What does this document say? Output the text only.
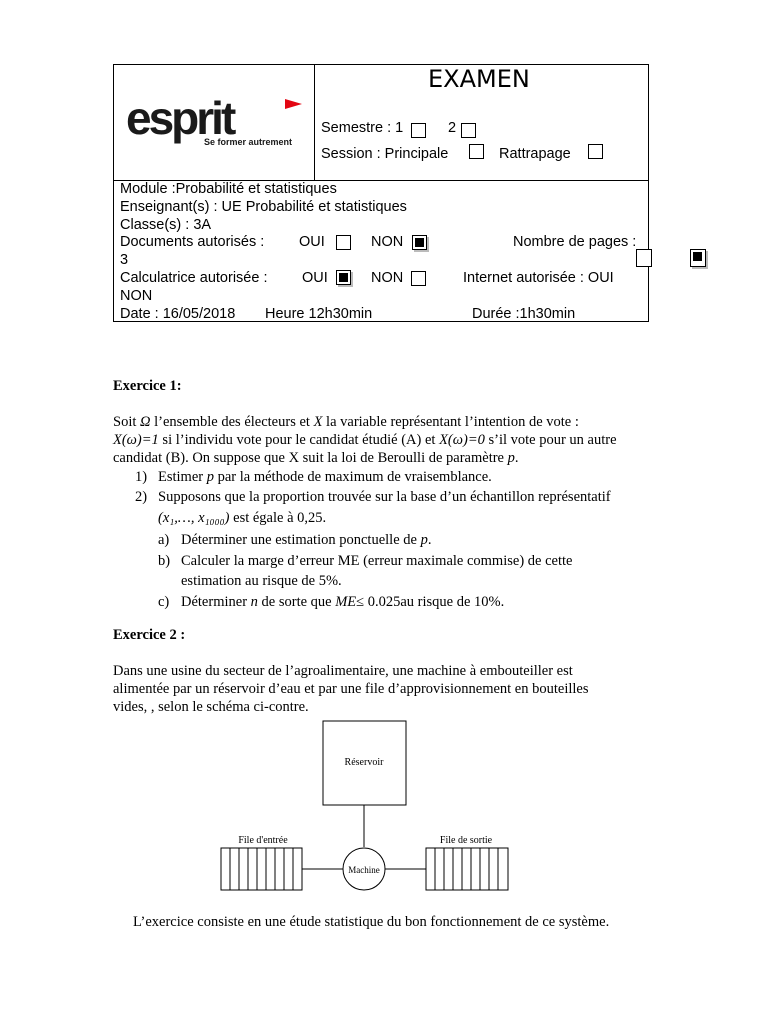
esprit
Se former autrement
EXAMEN
Semestre : 1	2
Session : Principale	Rattrapage
Module :Probabilité et statistiques
Enseignant(s) : UE Probabilité et statistiques
Classe(s) : 3A
Documents autorisés : OUI	NON	Nombre de pages :
3
Calculatrice autorisée : OUI	NON	Internet autorisée : OUI
NON
Date : 16/05/2018 Heure 12h30min	Durée :1h30min
Exercice 1:
Soit Ω l’ensemble des électeurs et X la variable représentant l’intention de vote :
X(ω)=1 si l’individu vote pour le candidat étudié (A) et X(ω)=0 s’il vote pour un autre
candidat (B). On suppose que X suit la loi de Beroulli de paramètre p.
1) Estimer p par la méthode de maximum de vraisemblance.
2) Supposons que la proportion trouvée sur la base d’un échantillon représentatif
(x₁,…, x₁₀₀₀) est égale à 0,25.
a) Déterminer une estimation ponctuelle de p.
b) Calculer la marge d’erreur ME (erreur maximale commise) de cette
estimation au risque de 5%.
c) Déterminer n de sorte que ME≤ 0.025au risque de 10%.
Exercice 2 :
Dans une usine du secteur de l’agroalimentaire, une machine à embouteiller est
alimentée par un réservoir d’eau et par une file d’approvisionnement en bouteilles
vides, , selon le schéma ci-contre.
Réservoir
Machine
File d'entrée	File de sortie
L’exercice consiste en une étude statistique du bon fonctionnement de ce système.
